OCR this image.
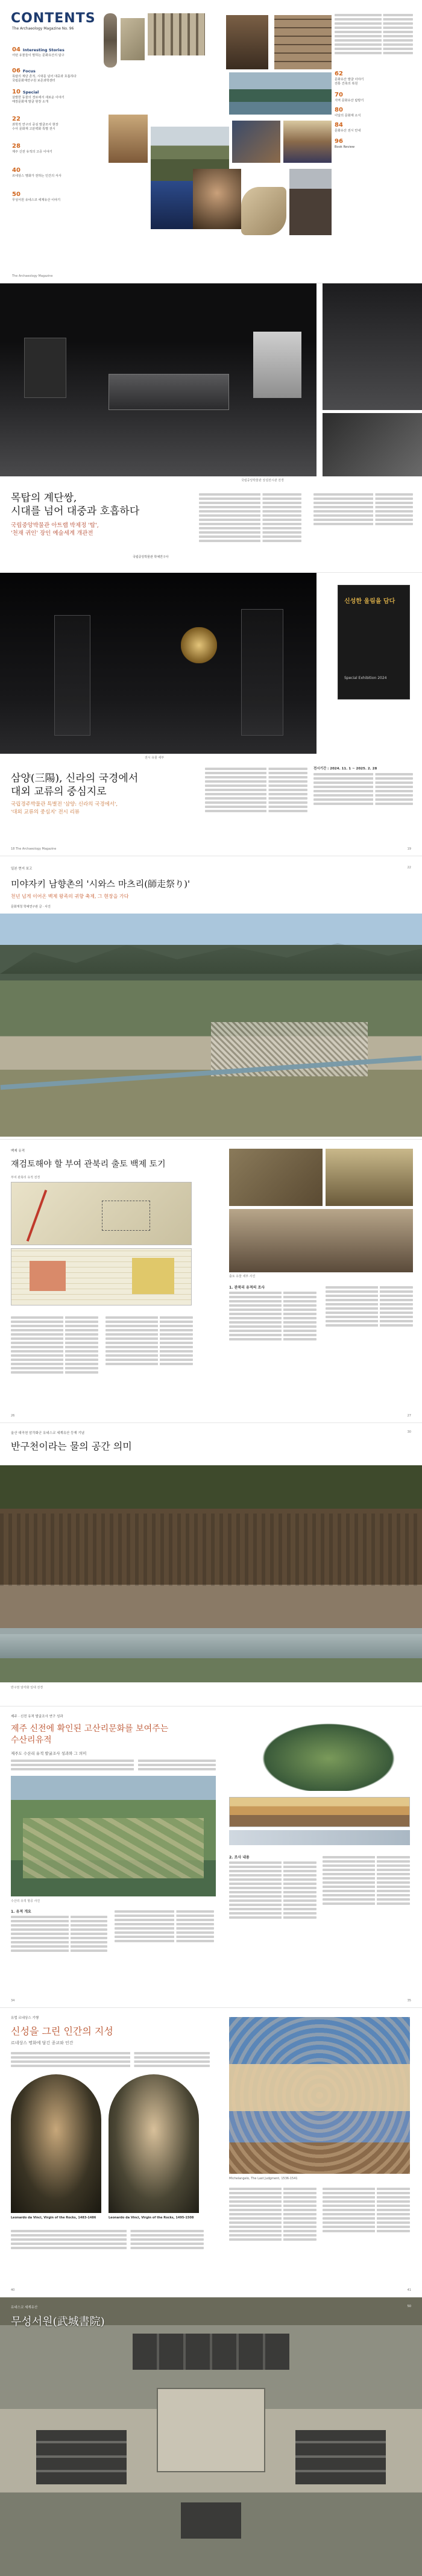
CONTENTS
The Archaeology Magazine No. 96
04 Interesting Stories
어떤 유물들이 말하는 문화유산의 탐구
06 Focus
목탑의 계단 흔적, 시대를 넘어 대중과 호흡하다
국립문화재연구원 보존과학센터
10 Special
살발한 동물의 경로에서 새로운 이야기
매장문화재 발굴 현장 소개
22
과학적 연구의 중심 발굴조사 현장
수사 문화재 고분벽화 특별 전시
28
제주 신전 유적의 고증 이야기
40
르네상스 명화가 전하는 인간의 서사
50
무성서원 유네스코 세계유산 이야기

62
문화유산 발굴 이야기
전통 건축의 복원
70
지역 문화유산 탐방기
80
이달의 문화재 소식
84
문화유산 전시 안내
96
Book Review
The Archaeology Magazine
국립중앙박물관 상설전시관 전경
목탑의 계단쌍,
시대를 넘어 대중과 호흡하다
국립중앙박물관 아트랩 박제정 '탑',
'천재 귀인' 장인 예술세계 개관전
국립중앙박물관 학예연구사

신성한 울림을 담다
Special Exhibition 2024
전시 유물 세부
삼양(三陽), 신라의 국경에서
대외 교류의 중심지로
국립경주박물관 특별전 '삼양: 신라의 국경에서',
'대외 교류의 중심지' 전시 리뷰

전시기간 : 2024. 11. 1 ~ 2025. 2. 28

18 The Archaeology Magazine	19
일본 현지 보고
미야자키 남향촌의 '시와스 마츠리(師走祭り)'
천년 넘게 이어온 백제 왕족의 귀향 축제, 그 현장을 가다
문화재청 학예연구관 글 · 사진
22
백제 유적
재검토해야 할 부여 관북리 출토 백제 토기
부여 관북리 유적 전경

출토 유물 세부 사진
1. 관북리 유적의 조사

26	27
울산 대곡천 암각화군 유네스코 세계유산 등재 기념
반구천이라는 물의 공간 의미
반구천 암각화 일대 전경
30
제주 · 신전 유적 발굴조사 연구 성과
제주 신전에 확인된 고산리문화를 보여주는
수산리유적
제주도 수산리 유적 발굴조사 성과와 그 의미

수산리 유적 항공 사진
1. 유적 개요

2. 조사 내용

34	35
유럽 르네상스 기행
신성을 그린 인간의 지성
르네상스 명화에 담긴 종교와 인간

Leonardo da Vinci, Virgin of the Rocks, 1483-1486	Leonardo da Vinci, Virgin of the Rocks, 1495-1508

Michelangelo, The Last Judgment, 1536-1541

40	41
유네스코 세계유산
무성서원(武城書院)
50
